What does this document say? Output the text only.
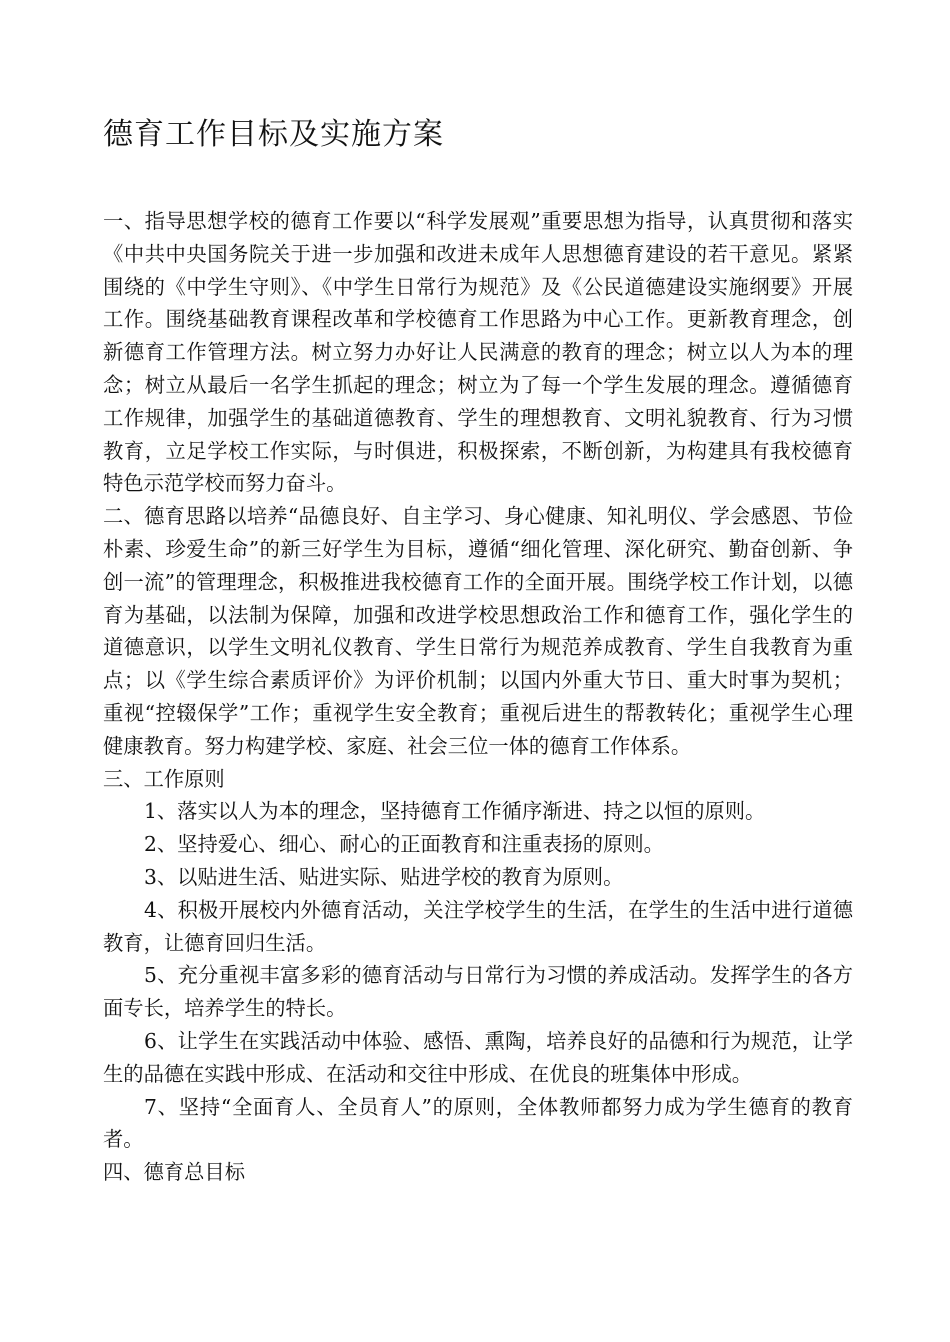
德育工作目标及实施方案

一、指导思想学校的德育工作要以“科学发展观”重要思想为指导，认真贯彻和落实《中共中央国务院关于进一步加强和改进未成年人思想德育建设的若干意见。紧紧围绕的《中学生守则》、《中学生日常行为规范》及《公民道德建设实施纲要》开展工作。围绕基础教育课程改革和学校德育工作思路为中心工作。更新教育理念，创新德育工作管理方法。树立努力办好让人民满意的教育的理念；树立以人为本的理念；树立从最后一名学生抓起的理念；树立为了每一个学生发展的理念。遵循德育工作规律，加强学生的基础道德教育、学生的理想教育、文明礼貌教育、行为习惯教育，立足学校工作实际，与时俱进，积极探索，不断创新，为构建具有我校德育特色示范学校而努力奋斗。

二、德育思路以培养“品德良好、自主学习、身心健康、知礼明仪、学会感恩、节俭朴素、珍爱生命”的新三好学生为目标，遵循“细化管理、深化研究、勤奋创新、争创一流”的管理理念，积极推进我校德育工作的全面开展。围绕学校工作计划，以德育为基础，以法制为保障，加强和改进学校思想政治工作和德育工作，强化学生的道德意识，以学生文明礼仪教育、学生日常行为规范养成教育、学生自我教育为重点；以《学生综合素质评价》为评价机制；以国内外重大节日、重大时事为契机；重视“控辍保学”工作；重视学生安全教育；重视后进生的帮教转化；重视学生心理健康教育。努力构建学校、家庭、社会三位一体的德育工作体系。

三、工作原则

1、落实以人为本的理念，坚持德育工作循序渐进、持之以恒的原则。

2、坚持爱心、细心、耐心的正面教育和注重表扬的原则。

3、以贴进生活、贴进实际、贴进学校的教育为原则。

4、积极开展校内外德育活动，关注学校学生的生活，在学生的生活中进行道德教育，让德育回归生活。

5、充分重视丰富多彩的德育活动与日常行为习惯的养成活动。发挥学生的各方面专长，培养学生的特长。

6、让学生在实践活动中体验、感悟、熏陶，培养良好的品德和行为规范，让学生的品德在实践中形成、在活动和交往中形成、在优良的班集体中形成。

7、坚持“全面育人、全员育人”的原则，全体教师都努力成为学生德育的教育者。

四、德育总目标
